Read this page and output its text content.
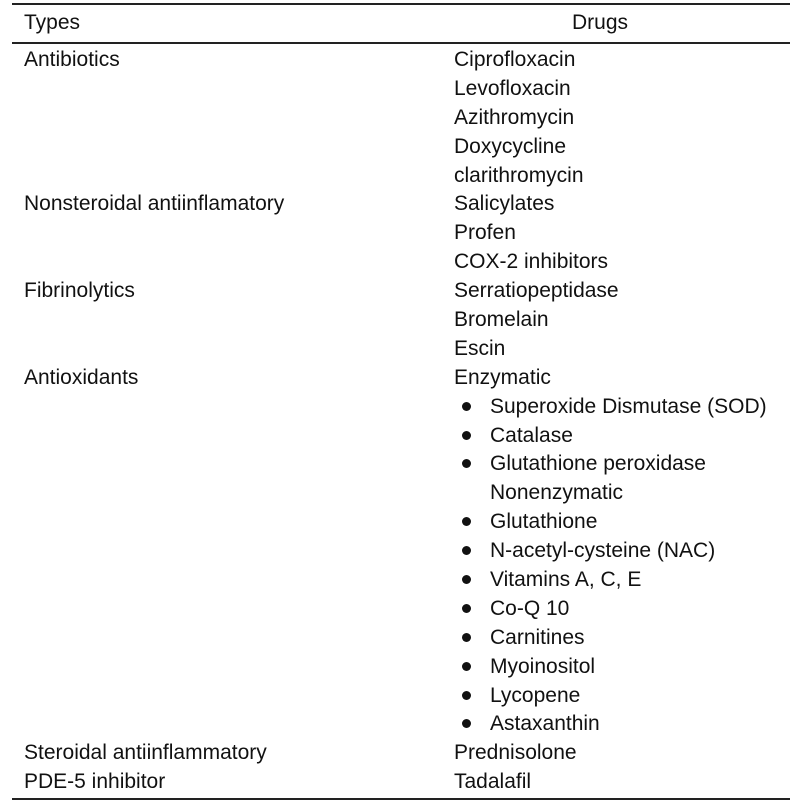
Types	Drugs
Antibiotics	Ciprofloxacin
Levofloxacin
Azithromycin
Doxycycline
clarithromycin
Nonsteroidal antiinflamatory	Salicylates
Profen
COX-2 inhibitors
Fibrinolytics	Serratiopeptidase
Bromelain
Escin
Antioxidants	Enzymatic
Superoxide Dismutase (SOD)
Catalase
Glutathione peroxidase
Nonenzymatic
Glutathione
N-acetyl-cysteine (NAC)
Vitamins A, C, E
Co-Q 10
Carnitines
Myoinositol
Lycopene
Astaxanthin
Steroidal antiinflammatory	Prednisolone
PDE-5 inhibitor	Tadalafil
